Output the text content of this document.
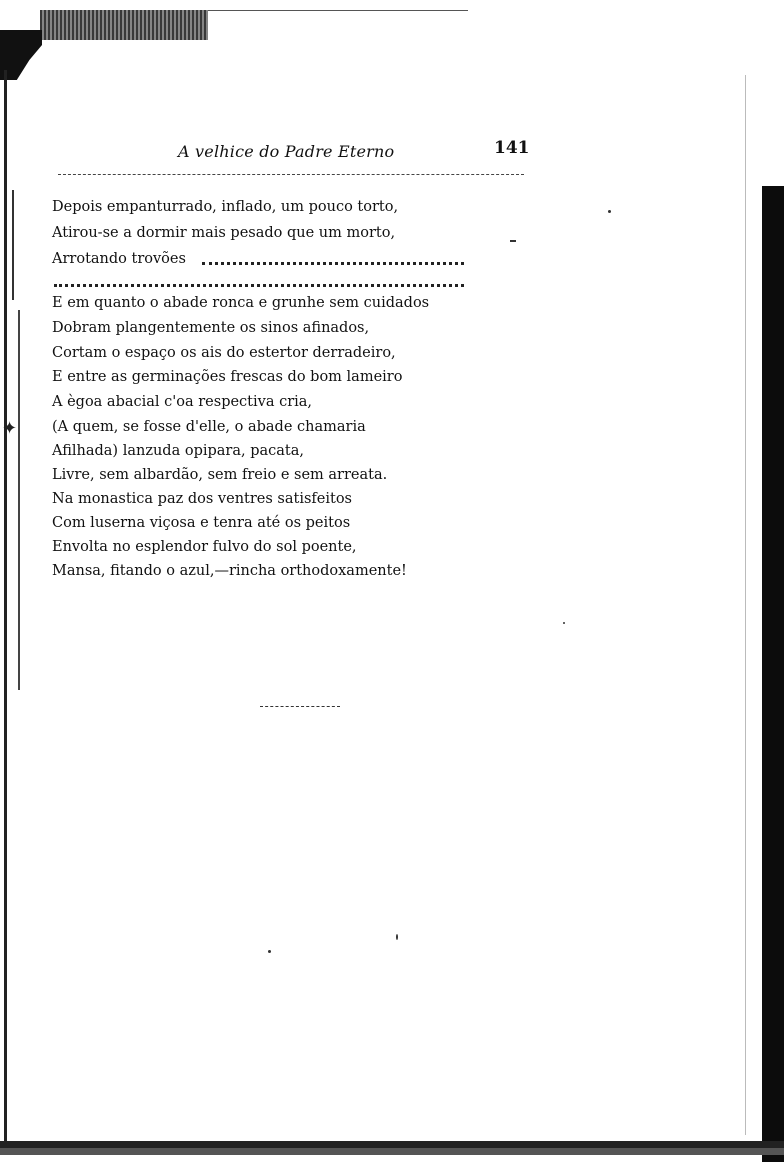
✦
A velhice do Padre Eterno	141
Depois empanturrado, inflado, um pouco torto,
Atirou-se a dormir mais pesado que um morto,
Arrotando trovões
E em quanto o abade ronca e grunhe sem cuidados
Dobram plangentemente os sinos afinados,
Cortam o espaço os ais do estertor derradeiro,
E entre as germinações frescas do bom lameiro
A ègoa abacial c'oa respectiva cria,
(A quem, se fosse d'elle, o abade chamaria
Afilhada) lanzuda opipara, pacata,
Livre, sem albardão, sem freio e sem arreata.
Na monastica paz dos ventres satisfeitos
Com luserna viçosa e tenra até os peitos
Envolta no esplendor fulvo do sol poente,
Mansa, fitando o azul,—rincha orthodoxamente!
